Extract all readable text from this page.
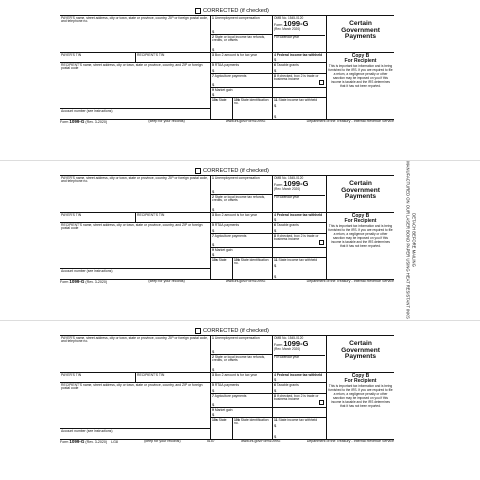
DETACH BEFORE MAILING
MANUFACTURED ON OUR LASER BOND PAPER USING HEAT RESISTANT INKS
CORRECTED (if checked)
PAYER'S name, street address, city or town, state or province, country, ZIP or foreign postal code, and telephone no.
1 Unemployment compensation
$
2 State or local income tax refunds, credits, or offsets
$
OMB No. 1545-0120
Form 1099-G
(Rev. March 2020)
For calendar year
PAYER'S TIN	RECIPIENT'S TIN	3 Box 2 amount is for tax year	4 Federal income tax withheld
$
RECIPIENT'S name, street address, city or town, state or province, country, and ZIP or foreign postal code
5 RTAA payments
$
6 Taxable grants
$
7 Agriculture payments
$
8 If checked, box 2 is trade or business income
9 Market gain
$
10a State	10b State identification no.
11 State income tax withheld
$
$
Account number (see instructions)
Certain
Government
Payments
Copy B
For Recipient
This is important tax information and is being furnished to the IRS. If you are required to file a return, a negligence penalty or other sanction may be imposed on you if this income is taxable and the IRS determines that it has not been reported.
Form 1099-G (Rev. 3-2020)	(keep for your records)	www.irs.gov/Form1099G	Department of the Treasury - Internal Revenue Service
CORRECTED (if checked)
PAYER'S name, street address, city or town, state or province, country, ZIP or foreign postal code, and telephone no.
1 Unemployment compensation
$
2 State or local income tax refunds, credits, or offsets
$
OMB No. 1545-0120
Form 1099-G
(Rev. March 2020)
For calendar year
PAYER'S TIN	RECIPIENT'S TIN	3 Box 2 amount is for tax year	4 Federal income tax withheld
$
RECIPIENT'S name, street address, city or town, state or province, country, and ZIP or foreign postal code
5 RTAA payments
$
6 Taxable grants
$
7 Agriculture payments
$
8 If checked, box 2 is trade or business income
9 Market gain
$
10a State	10b State identification no.
11 State income tax withheld
$
$
Account number (see instructions)
Certain
Government
Payments
Copy B
For Recipient
This is important tax information and is being furnished to the IRS. If you are required to file a return, a negligence penalty or other sanction may be imposed on you if this income is taxable and the IRS determines that it has not been reported.
Form 1099-G (Rev. 3-2020)	(keep for your records)	www.irs.gov/Form1099G	Department of the Treasury - Internal Revenue Service
CORRECTED (if checked)
PAYER'S name, street address, city or town, state or province, country, ZIP or foreign postal code, and telephone no.
1 Unemployment compensation
$
2 State or local income tax refunds, credits, or offsets
$
OMB No. 1545-0120
Form 1099-G
(Rev. March 2020)
For calendar year
PAYER'S TIN	RECIPIENT'S TIN	3 Box 2 amount is for tax year	4 Federal income tax withheld
$
RECIPIENT'S name, street address, city or town, state or province, country, and ZIP or foreign postal code
5 RTAA payments
$
6 Taxable grants
$
7 Agriculture payments
$
8 If checked, box 2 is trade or business income
9 Market gain
$
10a State	10b State identification no.
11 State income tax withheld
$
$
Account number (see instructions)
Certain
Government
Payments
Copy B
For Recipient
This is important tax information and is being furnished to the IRS. If you are required to file a return, a negligence penalty or other sanction may be imposed on you if this income is taxable and the IRS determines that it has not been reported.
Form 1099-G (Rev. 3-2020) LG8	(keep for your records)	5157	www.irs.gov/Form1099G	Department of the Treasury - Internal Revenue Service
